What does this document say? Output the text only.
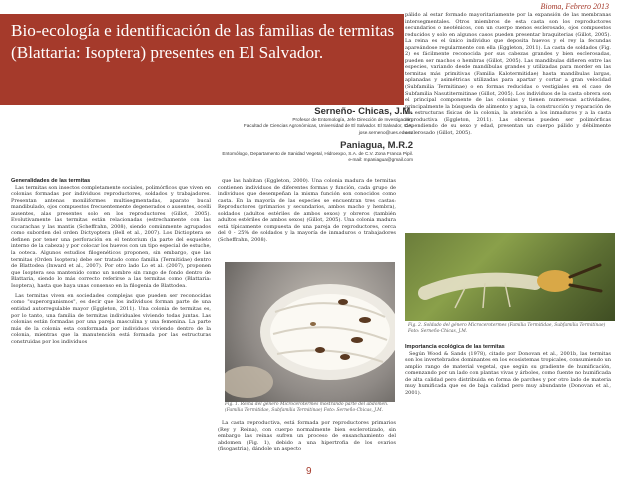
Bioma, Febrero 2013
Bio-ecología e identificación de las familias de termitas (Blattaria: Isoptera) presentes en El Salvador.
Serneño- Chicas, J.M.
Profesor de Entomología, Jefe Dirección de Investigación,
Facultad de Ciencias Agronómicas, Universidad de El Salvador. El Salvador, C.A.
jose.serneno@ues.edu.sv
Paniagua, M.R.2
Entomólogo, Departamento de Sanidad Vegetal, Hidroexpo, S.A. de C.V. Zona Franca Pipil.
e-mail: mpaniagua@gmail.com
Generalidades de las termitas

Las termitas son insectos completamente sociales, polimórficos que viven en colonias formadas por individuos reproductores, soldados y trabajadores. Presentan antenas moniliformes multisegmentadas, aparato bucal mandibulado, ojos compuestos frecuentemente degenerados o ausentes, ocelli ausentes, alas presentes solo en los reproductores (Gillot, 2005). Evolutivamente las termitas están relacionadas (estrechamente con las cucarachas y las mantis (Scheffrahn, 2008), siendo comúnmente agrupados como suborden del orden Dictyoptera (Bell et al., 2007). Los Dictioptera se definen por tener una perforación en el tentorium (la parte del esqueleto interno de la cabeza) y por colocar los huevos con un tipo especial de estuche, la ooteca. Algunos estudios filogenéticos proponen, sin embargo, que las termitas (Orden Isoptera) debe ser tratado como familia (Termitidae) dentro de Blattodea (Inward et al., 2007). Por otro lado Lo et al. (2007), proponen que Isoptera sea mantenido como un nombre sin rango de fondo dentro de Blattaria, siendo lo más correcto referirse a las termitas como (Blattaria: Isoptera), hasta que haya unas consenso en la filogenia de Blattodea.

Las termitas viven en sociedades complejas que pueden ser reconocidas como "superorganismos", es decir que los individuos forman parte de una entidad autorregulable mayor (Eggleton, 2011). Una colonia de termitas es, por lo tanto, una familia de termitas individuales viviendo todas juntas. Las colonias están formadas por una pareja masculina y una femenina. La parte más de la colonia esta conformada por individuos viviendo dentro de la colonia, mientras que la manutención está formada por las estructuras construidas por los individuos

que las habitan (Eggleton, 2000). Una colonia madura de termitas contienen individuos de diferentes formas y función, cada grupo de individuos que desempeñan la misma función son conocidos como casta. En la mayoría de las especies se encuentran tres castas: Reproductores (primarios y secundarios, ambos macho y hembra), soldados (adultos estériles de ambos sexos) y obreros (también adultos estériles de ambos sexos) (Gillot, 2005). Una colonia madura está típicamente compuesta de una pareja de reproductores, cerca del 0 - 25% de soldados y la mayoría de inmaduros o trabajadores (Scheffrahn, 2008).

Fig. 1. Reina del género Microcerotermes mostrando parte del abdomen. (Familia Termitidae, Subfamilia Termitinae) Foto: Serneño-Chicas, J.M.

La casta reproductiva, está formada por reproductores primarios (Rey y Reina), con cuerpo normalmente bien esclerotizado, sin embargo las reinas sufren un proceso de ensanchamiento del abdomen (Fig. 1), debido a una hipertrofia de los ovarios (fisogastria), dándole un aspecto

pálido al estar formado mayoritariamente por la expansión de las membranas intersegmentales. Otros miembros de esta casta son los reproductores secundarios o neoténicos, con un cuerpo menos esclerosado, ojos compuestos reducidos y solo en algunos casos pueden presentar braquiterias (Gillot, 2005). La reina es el único individuo que deposita huevos y el rey la fecundas apareándose regularmente con ella (Eggleton, 2011). La casta de soldados (Fig. 2) es fácilmente reconocida por sus cabezas grandes y bien esclerosadas, pueden ser machos o hembras (Gillot, 2005). Las mandíbulas difieren entre las especies, variando desde mandíbulas grandes y utilizadas para morder en las termitas más primitivas (Familia Kalotermitidae) hasta mandíbulas largas, aplanadas y asimétricas utilizadas para apartar y cortar a gran velocidad (Subfamilia Termitinae) o en formas reducidas o vestigiales en el caso de Subfamilia Nasutitermitinae (Gillot, 2005). Los individuos de la casta obrera son el principal componente de las colonias y tienen numerosas actividades, principalmente la búsqueda de alimento y agua, la construcción y reparación de las estructuras físicas de la colonia, la atención a los inmaduros y a la casta reproductiva (Eggleton, 2011). Las obreras pueden ser polimórficas dependiendo de su sexo y edad, presentan un cuerpo pálido y débilmente esclerosado (Gillot, 2005).

Fig. 2. Soldado del género Microcerotermes (Familia Termitidae, Subfamilia Termitinae) Foto: Serneño-Chicas, J.M.
Importancia ecológica de las termitas

Según Wood & Sands (1978), citado por Donovan et al., 2001b, las termitas son los invertebrados dominantes en los ecosistemas tropicales, consumiendo un amplio rango de material vegetal, que según su gradiente de humificación, comenzando por un lado con plantas vivas y árboles, como fuente no humificada de alta calidad pero distribuida en forma de parches y por otro lado de materia muy humificada que es de baja calidad pero muy abundante (Donovan et al., 2001).

9
